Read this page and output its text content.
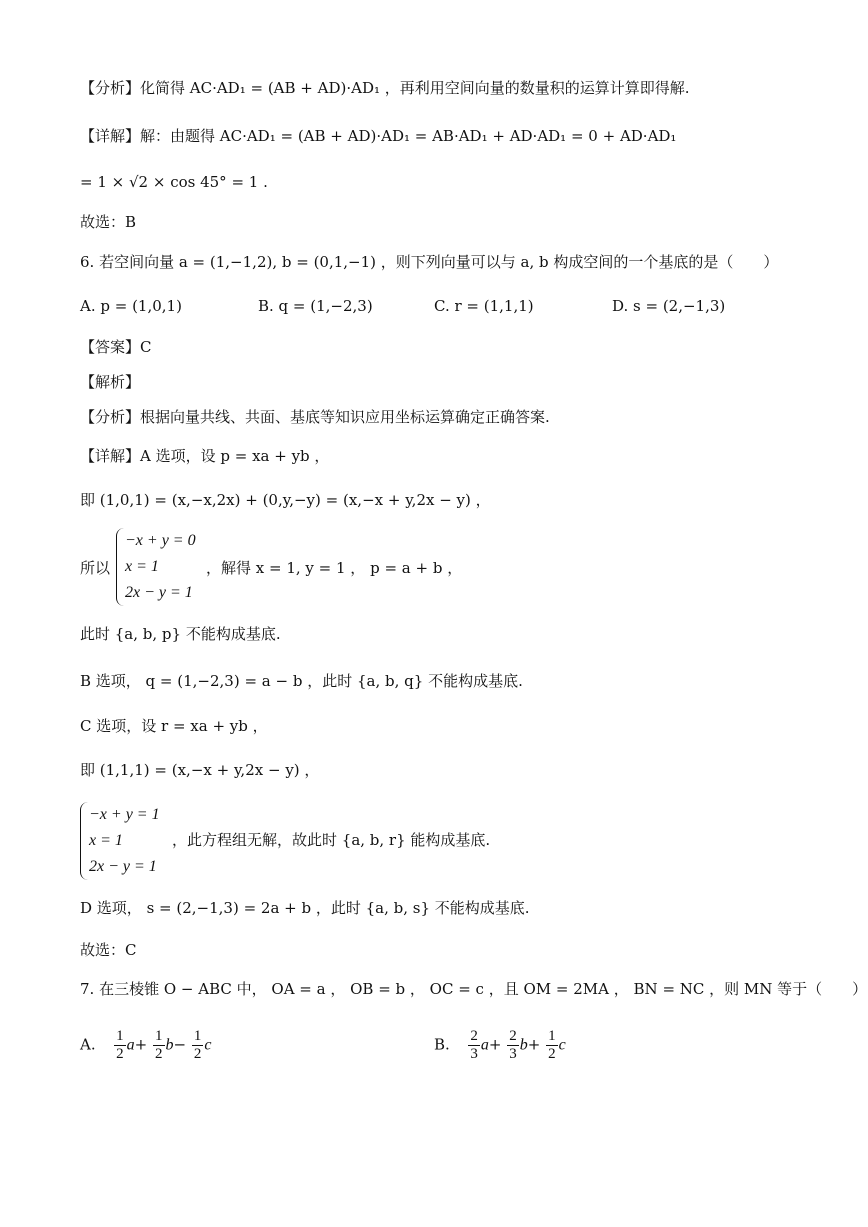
【分析】化简得 AC·AD₁ = (AB + AD)·AD₁ ，再利用空间向量的数量积的运算计算即得解.
【详解】解：由题得 AC·AD₁ = (AB + AD)·AD₁ = AB·AD₁ + AD·AD₁ = 0 + AD·AD₁
= 1 × √2 × cos 45° = 1 .
故选：B
6. 若空间向量 a = (1,−1,2), b = (0,1,−1) ，则下列向量可以与 a, b 构成空间的一个基底的是（　　）
A. p = (1,0,1)	B. q = (1,−2,3)	C. r = (1,1,1)	D. s = (2,−1,3)
【答案】C
【解析】
【分析】根据向量共线、共面、基底等知识应用坐标运算确定正确答案.
【详解】A 选项，设 p = xa + yb ，
即 (1,0,1) = (x,−x,2x) + (0,y,−y) = (x,−x + y,2x − y) ，
所以
−x + y = 0
x = 1
2x − y = 1
，解得 x = 1, y = 1 ， p = a + b ，
此时 {a, b, p} 不能构成基底.
B 选项， q = (1,−2,3) = a − b ，此时 {a, b, q} 不能构成基底.
C 选项，设 r = xa + yb ，
即 (1,1,1) = (x,−x + y,2x − y) ，
−x + y = 1
x = 1
2x − y = 1
，此方程组无解，故此时 {a, b, r} 能构成基底.
D 选项， s = (2,−1,3) = 2a + b ，此时 {a, b, s} 不能构成基底.
故选：C
7. 在三棱锥 O − ABC 中， OA = a ， OB = b ， OC = c ，且 OM = 2MA ， BN = NC ，则 MN 等于（　　）
A. $\frac{1}{2} a+ \frac{1}{2} b- \frac{1}{2}$ c	B. $\frac{2}{3} a+ \frac{2}{3} b+ \frac{1}{2}$ c
